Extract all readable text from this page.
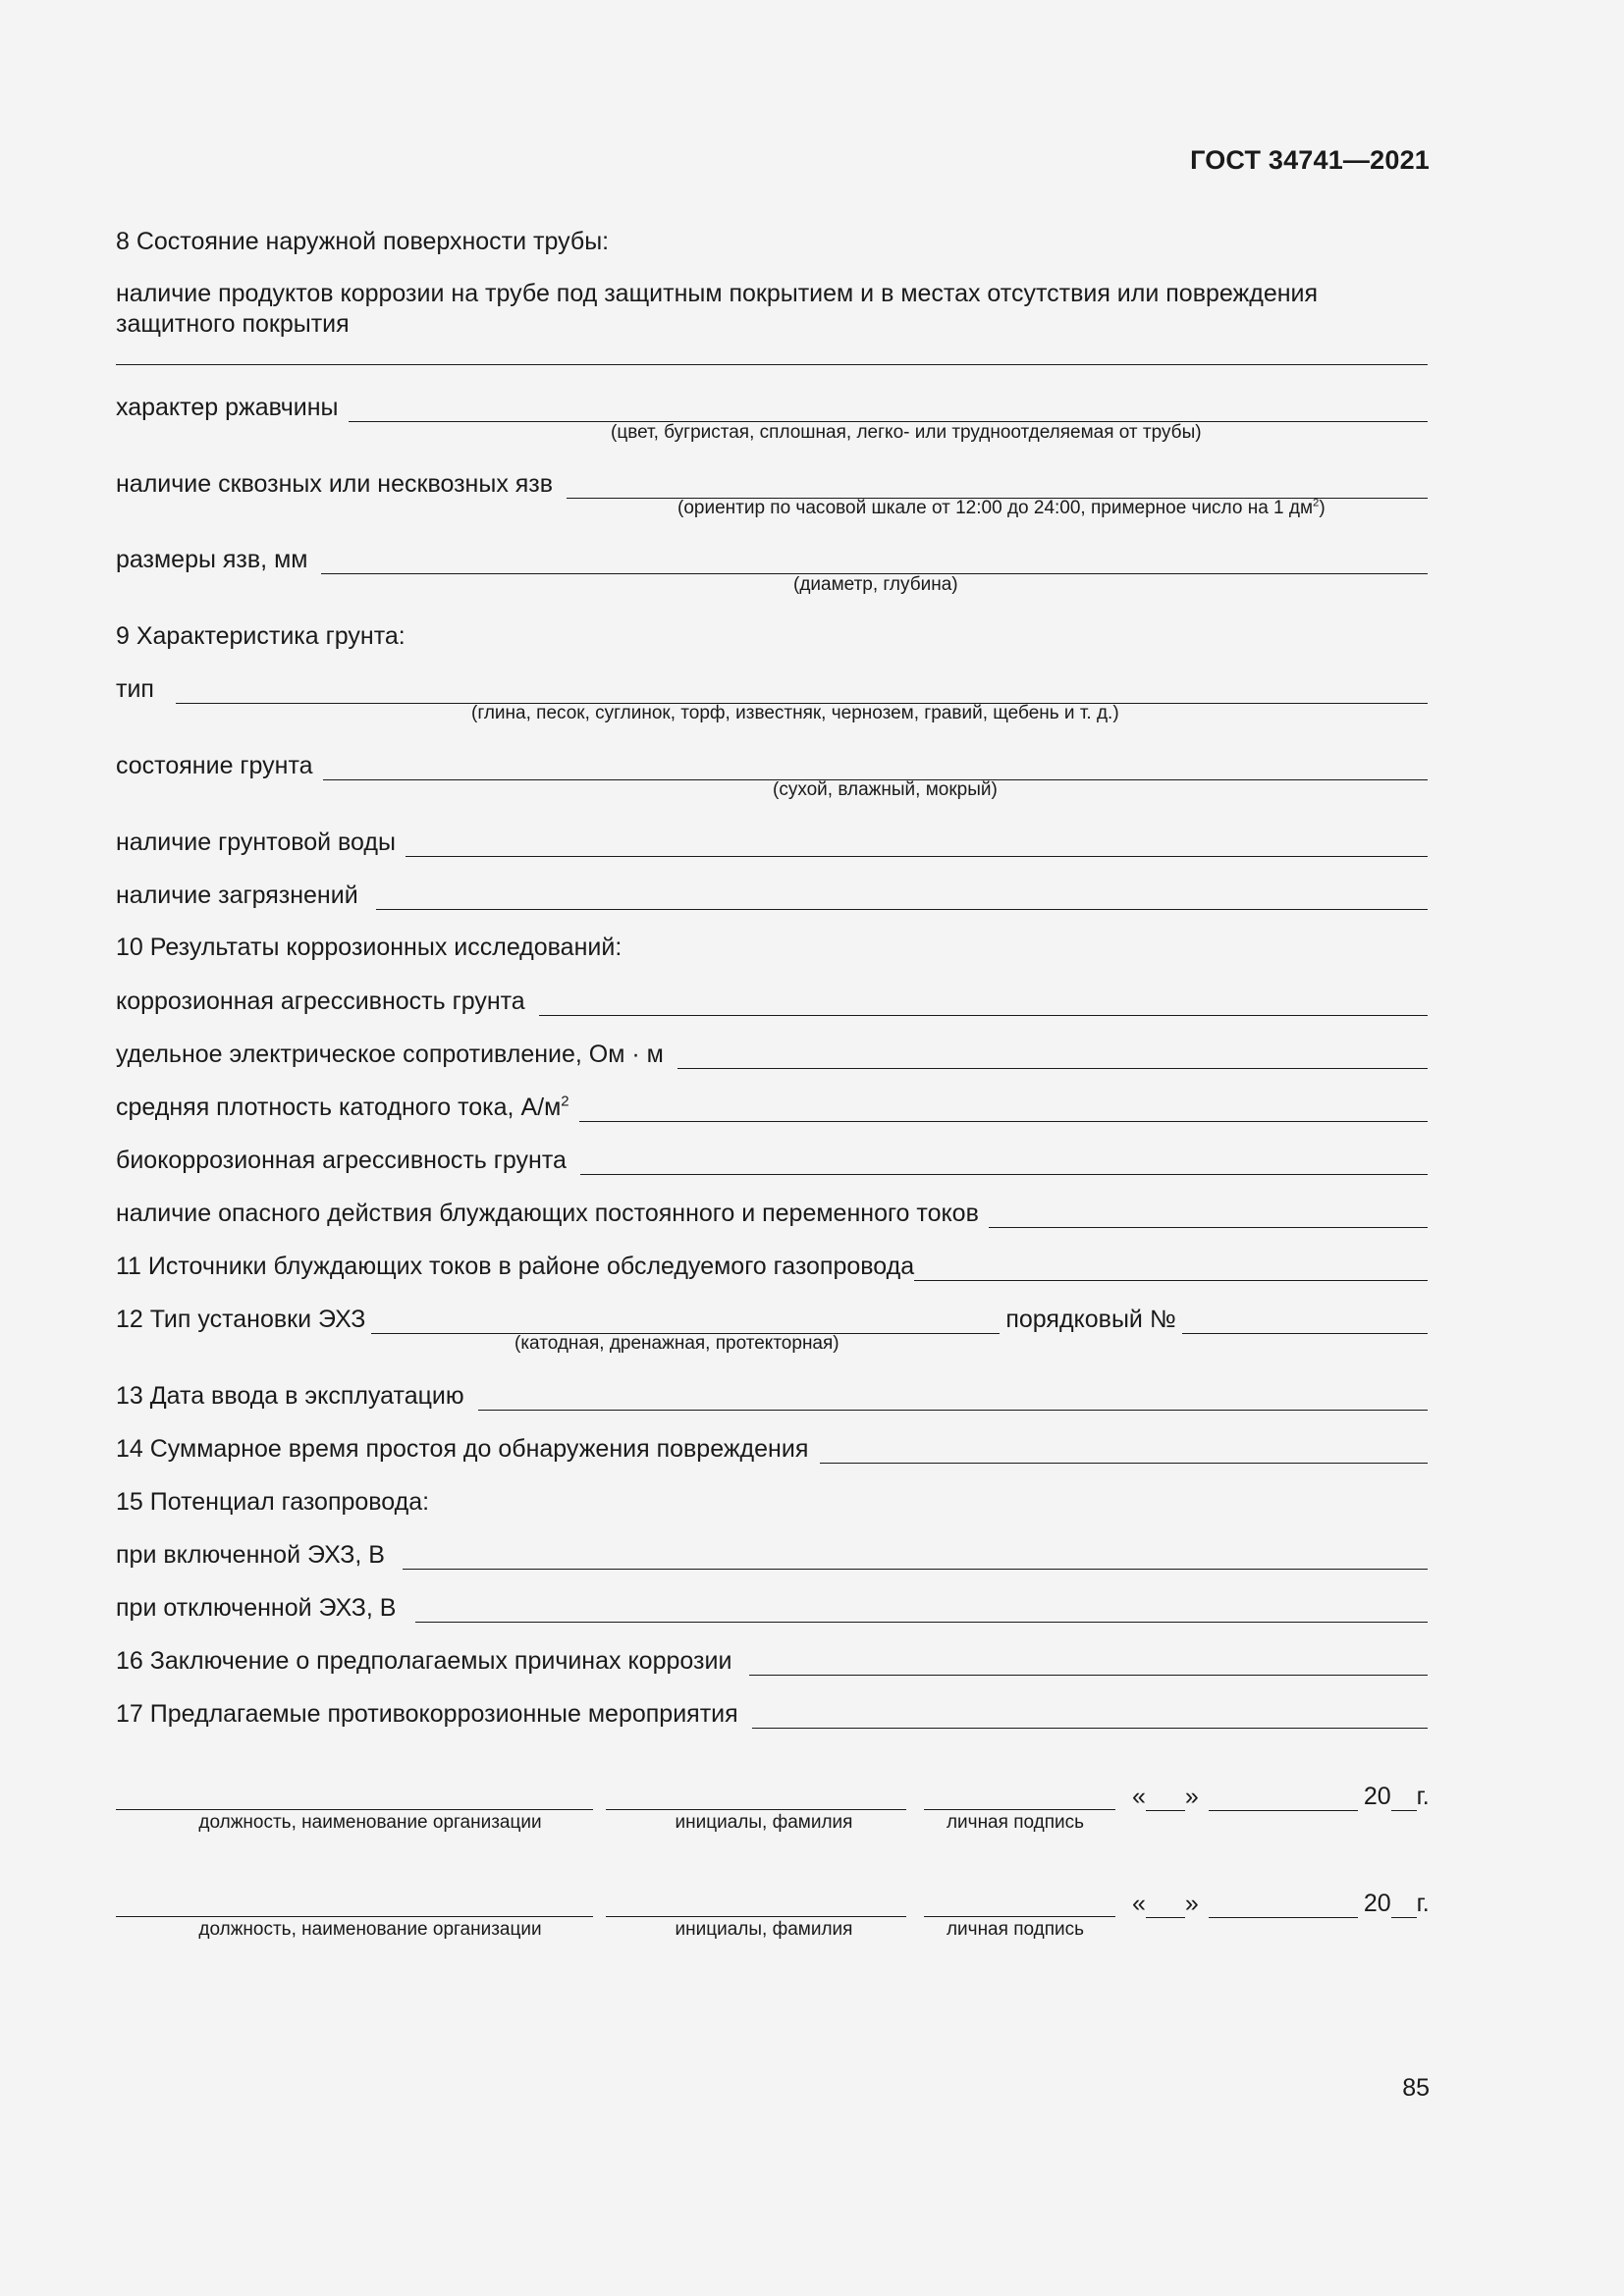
ГОСТ 34741—2021
8 Состояние наружной поверхности трубы:
наличие продуктов коррозии на трубе под защитным покрытием и в местах отсутствия или повреждения защитного покрытия
характер ржавчины
(цвет, бугристая, сплошная, легко- или трудноотделяемая от трубы)
наличие сквозных или несквозных язв
(ориентир по часовой шкале от 12:00 до 24:00, примерное число на 1 $дм^2$)
размеры язв, мм
(диаметр, глубина)
9 Характеристика грунта:
тип
(глина, песок, суглинок, торф, известняк, чернозем, гравий, щебень и т. д.)
состояние грунта
(сухой, влажный, мокрый)
наличие грунтовой воды
наличие загрязнений
10 Результаты коррозионных исследований:
коррозионная агрессивность грунта
удельное электрическое сопротивление, Ом · м
средняя плотность катодного тока, $А/м^2$
биокоррозионная агрессивность грунта
наличие опасного действия блуждающих постоянного и переменного токов
11 Источники блуждающих токов в районе обследуемого газопровода
12 Тип установки ЭХЗ	порядковый №
(катодная, дренажная, протекторная)
13 Дата ввода в эксплуатацию
14 Суммарное время простоя до обнаружения повреждения
15 Потенциал газопровода:
при включенной ЭХЗ, В
при отключенной ЭХЗ, В
16 Заключение о предполагаемых причинах коррозии
17 Предлагаемые противокоррозионные мероприятия
« »	20 г.
должность, наименование организации	инициалы, фамилия	личная подпись
« »	20 г.
должность, наименование организации	инициалы, фамилия	личная подпись
85
